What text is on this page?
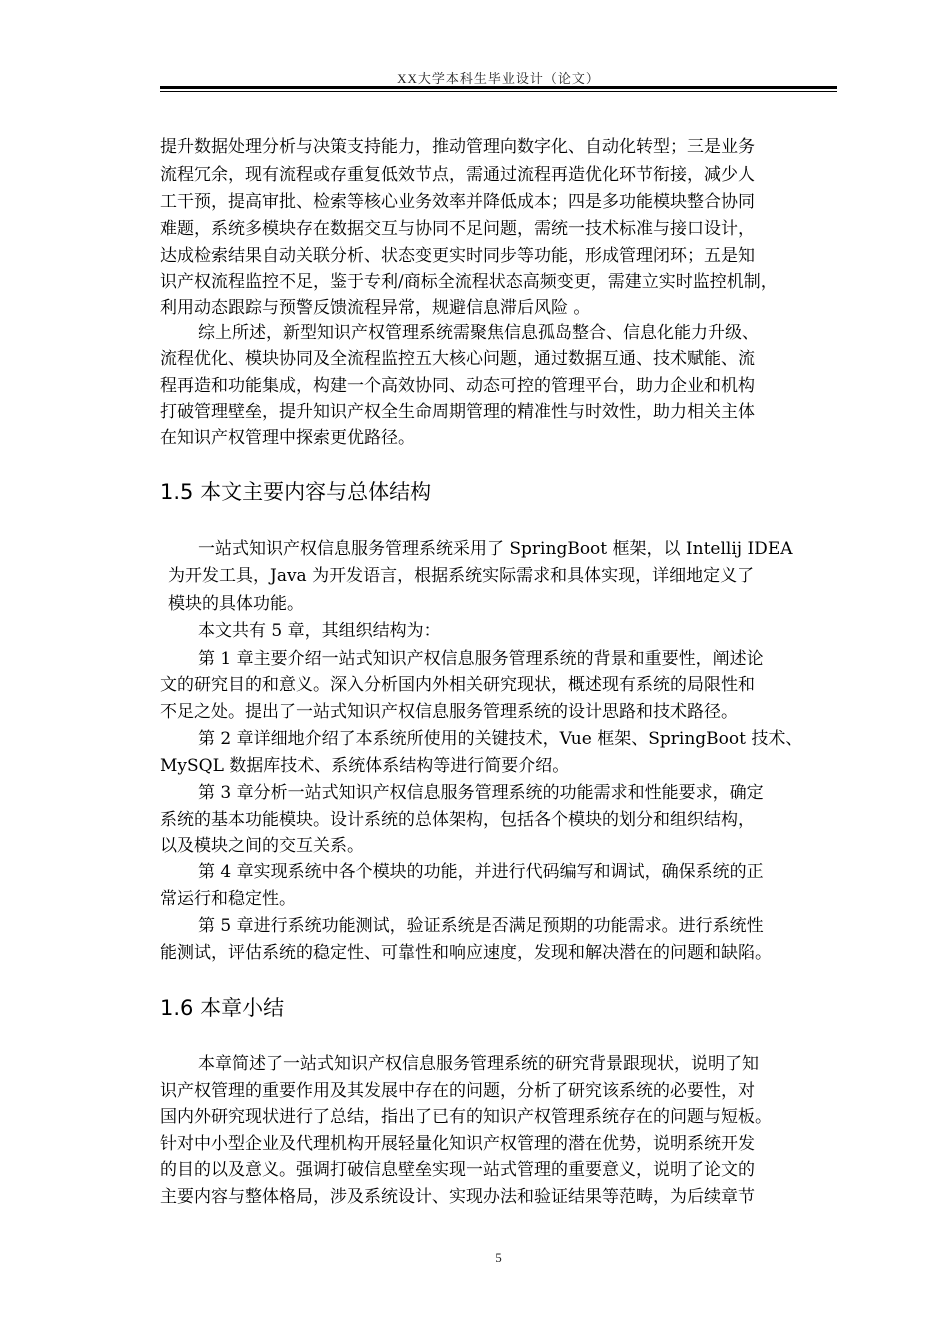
XX大学本科生毕业设计（论文）
提升数据处理分析与决策支持能力，推动管理向数字化、自动化转型；三是业务
流程冗余，现有流程或存重复低效节点，需通过流程再造优化环节衔接，减少人
工干预，提高审批、检索等核心业务效率并降低成本；四是多功能模块整合协同
难题，系统多模块存在数据交互与协同不足问题，需统一技术标准与接口设计，
达成检索结果自动关联分析、状态变更实时同步等功能，形成管理闭环；五是知
识产权流程监控不足，鉴于专利/商标全流程状态高频变更，需建立实时监控机制，
利用动态跟踪与预警反馈流程异常，规避信息滞后风险 。
综上所述，新型知识产权管理系统需聚焦信息孤岛整合、信息化能力升级、
流程优化、模块协同及全流程监控五大核心问题，通过数据互通、技术赋能、流
程再造和功能集成，构建一个高效协同、动态可控的管理平台，助力企业和机构
打破管理壁垒，提升知识产权全生命周期管理的精准性与时效性，助力相关主体
在知识产权管理中探索更优路径。
1.5 本文主要内容与总体结构
一站式知识产权信息服务管理系统采用了 SpringBoot 框架，以 Intellij IDEA
为开发工具，Java 为开发语言，根据系统实际需求和具体实现，详细地定义了
模块的具体功能。
本文共有 5 章，其组织结构为：
第 1 章主要介绍一站式知识产权信息服务管理系统的背景和重要性，阐述论
文的研究目的和意义。深入分析国内外相关研究现状，概述现有系统的局限性和
不足之处。提出了一站式知识产权信息服务管理系统的设计思路和技术路径。
第 2 章详细地介绍了本系统所使用的关键技术，Vue 框架、SpringBoot 技术、
MySQL 数据库技术、系统体系结构等进行简要介绍。
第 3 章分析一站式知识产权信息服务管理系统的功能需求和性能要求，确定
系统的基本功能模块。设计系统的总体架构，包括各个模块的划分和组织结构，
以及模块之间的交互关系。
第 4 章实现系统中各个模块的功能，并进行代码编写和调试，确保系统的正
常运行和稳定性。
第 5 章进行系统功能测试，验证系统是否满足预期的功能需求。进行系统性
能测试，评估系统的稳定性、可靠性和响应速度，发现和解决潜在的问题和缺陷。
1.6 本章小结
本章简述了一站式知识产权信息服务管理系统的研究背景跟现状，说明了知
识产权管理的重要作用及其发展中存在的问题，分析了研究该系统的必要性，对
国内外研究现状进行了总结，指出了已有的知识产权管理系统存在的问题与短板。
针对中小型企业及代理机构开展轻量化知识产权管理的潜在优势，说明系统开发
的目的以及意义。强调打破信息壁垒实现一站式管理的重要意义，说明了论文的
主要内容与整体格局，涉及系统设计、实现办法和验证结果等范畴，为后续章节
5
